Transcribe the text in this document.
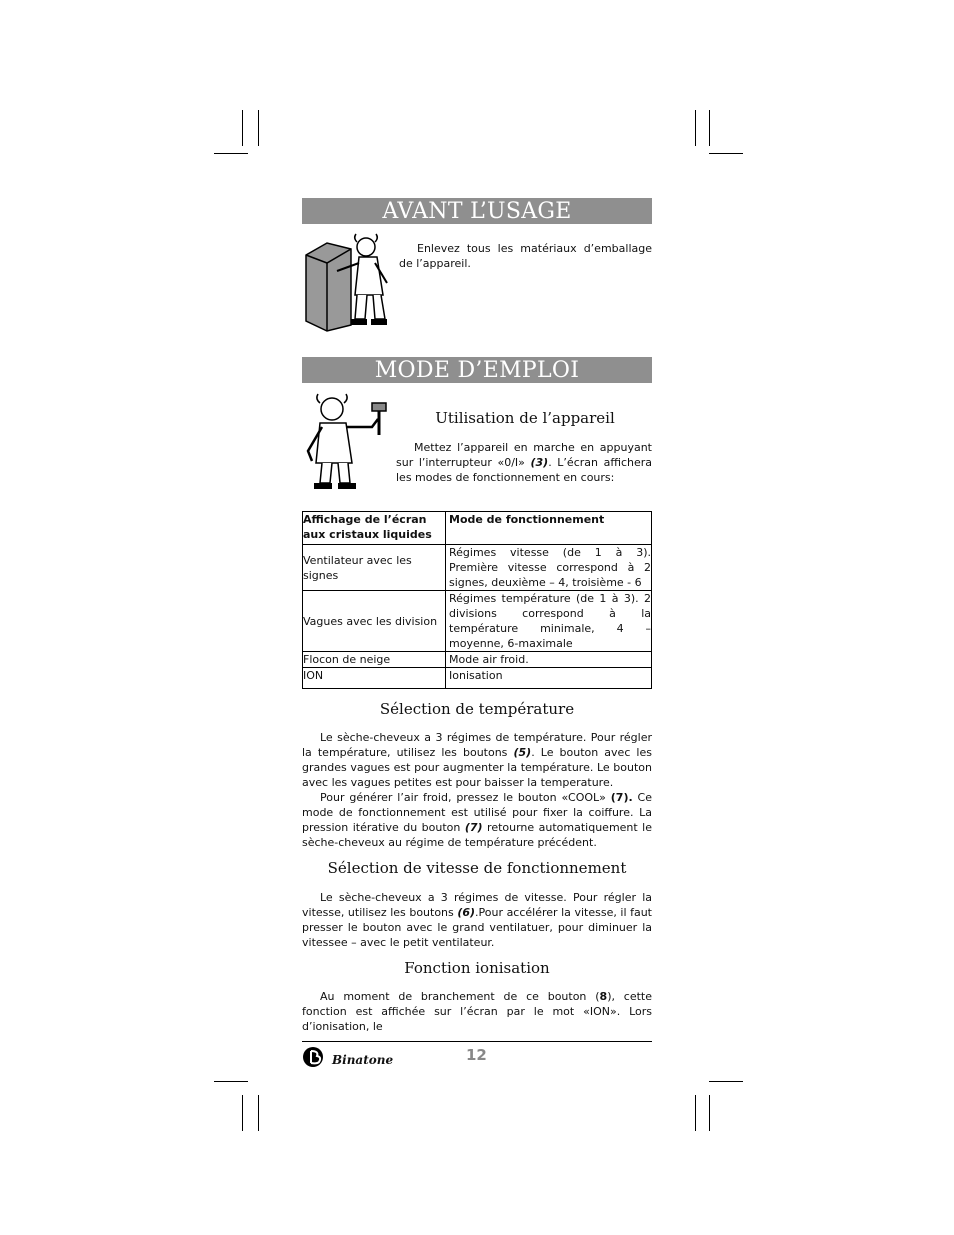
AVANT L’USAGE

Enlevez tous les matériaux d’emballage de l’appareil.

MODE D’EMPLOI
Utilisation de l’appareil

Mettez l’appareil en marche en appuyant sur l’interrupteur «0/I» (3). L’écran affichera les modes de fonctionnement en cours:

Affichage de l’écran aux cristaux liquides	Mode de fonctionnement
Ventilateur avec les signes	Régimes vitesse (de 1 à 3). Première vitesse correspond à 2 signes, deuxième – 4, troisième - 6
Vagues avec les division	Régimes température (de 1 à 3). 2 divisions correspond à la température minimale, 4 – moyenne, 6-maximale
Flocon de neige	Mode air froid.
ION	Ionisation
Sélection de température

Le sèche-cheveux a 3 régimes de température. Pour régler la température, utilisez les boutons (5). Le bouton avec les grandes vagues est pour augmenter la température. Le bouton avec les vagues petites est pour baisser la temperature.

Pour générer l’air froid, pressez le bouton «COOL» (7). Ce mode de fonctionnement est utilisé pour fixer la coiffure. La pression itérative du bouton (7) retourne automatiquement le sèche-cheveux au régime de température précédent.

Sélection de vitesse de fonctionnement

Le sèche-cheveux a 3 régimes de vitesse. Pour régler la vitesse, utilisez les boutons (6).Pour accélérer la vitesse, il faut presser le bouton avec le grand ventilatuer, pour diminuer la vitessee – avec le petit ventilateur.

Fonction ionisation

Au moment de branchement de ce bouton (8), cette fonction est affichée sur l’écran par le mot «ION». Lors d’ionisation, le

Binatone	12
